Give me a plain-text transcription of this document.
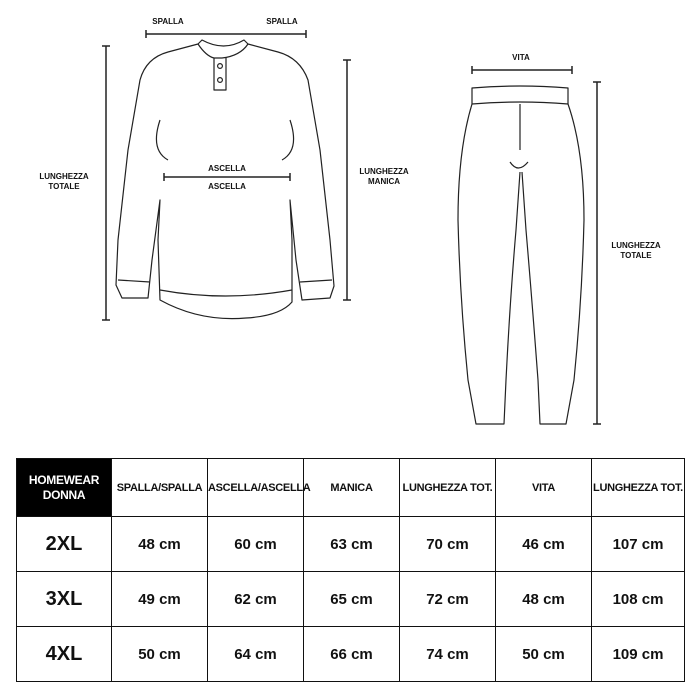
SPALLA	SPALLA
ASCELLA
ASCELLA
LUNGHEZZA
TOTALE
LUNGHEZZA
MANICA
VITA
LUNGHEZZA
TOTALE
HOMEWEAR
DONNA	SPALLA/SPALLA	ASCELLA/ASCELLA	MANICA	LUNGHEZZA TOT.	VITA	LUNGHEZZA TOT.
2XL	48 cm	60 cm	63 cm	70 cm	46 cm	107 cm
3XL	49 cm	62 cm	65 cm	72 cm	48 cm	108 cm
4XL	50 cm	64 cm	66 cm	74 cm	50 cm	109 cm
